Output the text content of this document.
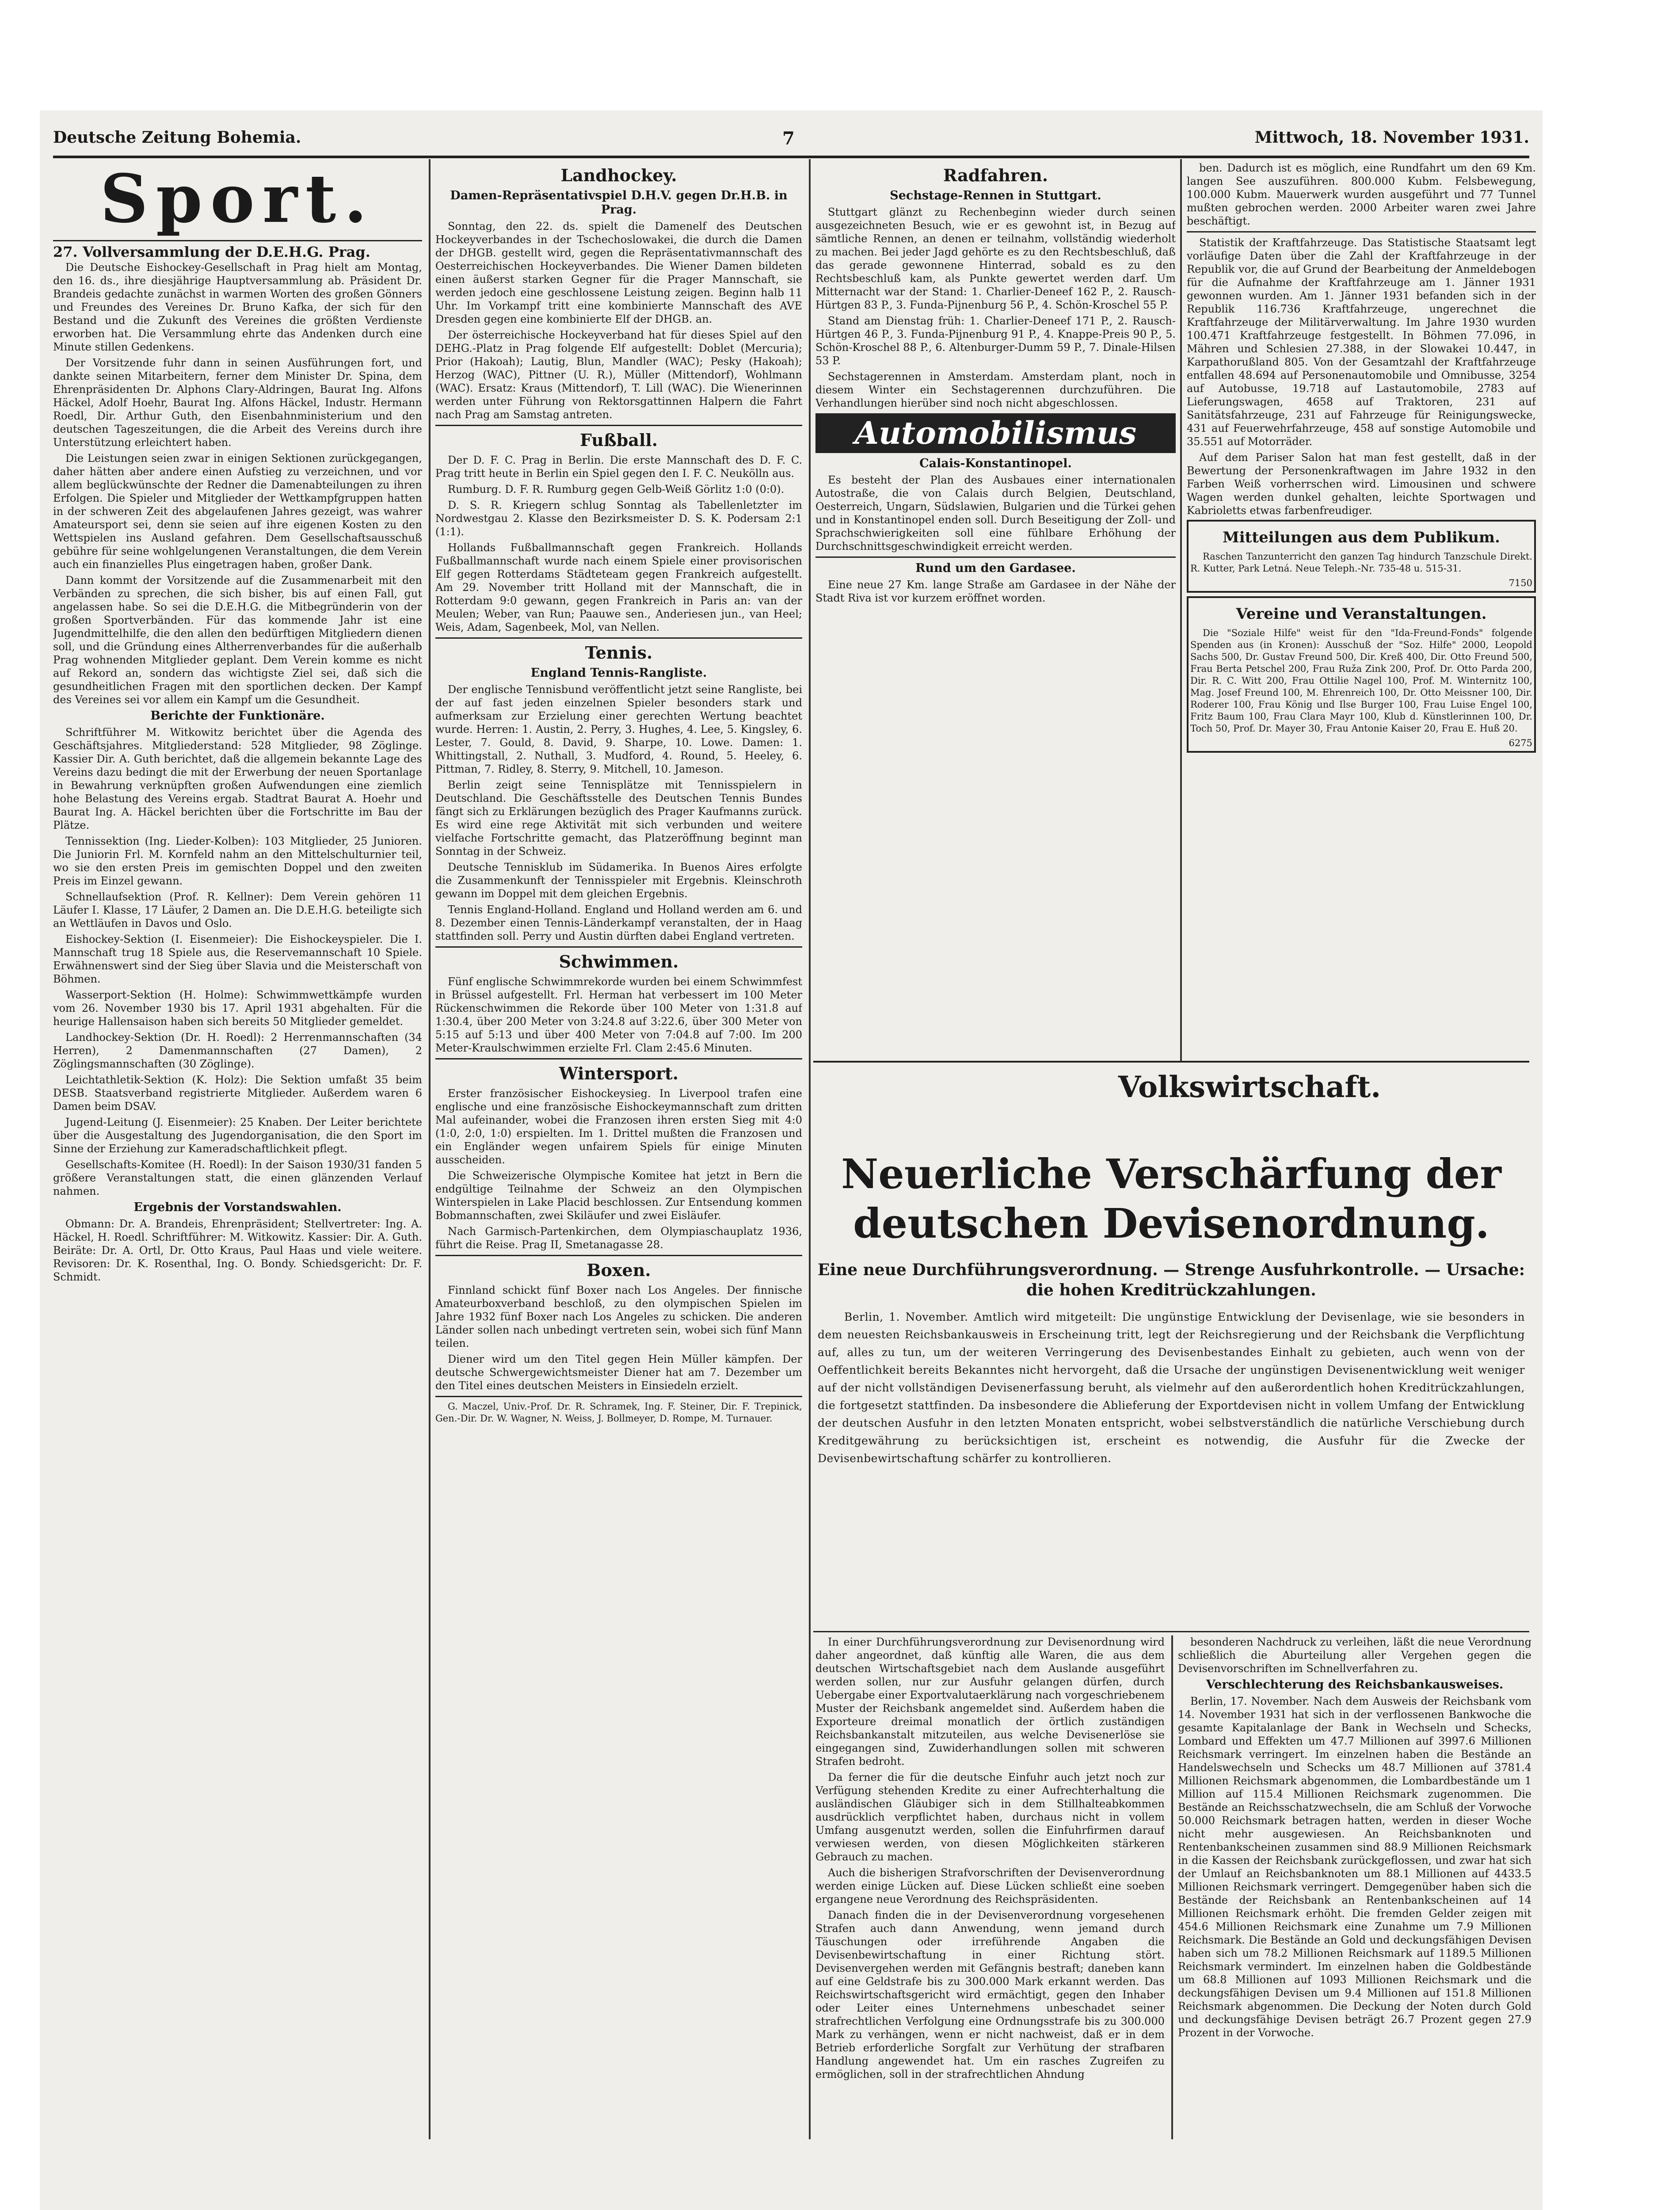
Deutsche Zeitung Bohemia.	7	Mittwoch, 18. November 1931.
Sport.
27. Vollversammlung der D.E.H.G. Prag.

Die Deutsche Eishockey-Gesellschaft in Prag hielt am Montag, den 16. ds., ihre diesjährige Hauptversammlung ab. Präsident Dr. Brandeis gedachte zunächst in warmen Worten des großen Gönners und Freundes des Vereines Dr. Bruno Kafka, der sich für den Bestand und die Zukunft des Vereines die größten Verdienste erworben hat. Die Versammlung ehrte das Andenken durch eine Minute stillen Gedenkens.

Der Vorsitzende fuhr dann in seinen Ausführungen fort, und dankte seinen Mitarbeitern, ferner dem Minister Dr. Spina, dem Ehrenpräsidenten Dr. Alphons Clary-Aldringen, Baurat Ing. Alfons Häckel, Adolf Hoehr, Baurat Ing. Alfons Häckel, Industr. Hermann Roedl, Dir. Arthur Guth, den Eisenbahnministerium und den deutschen Tageszeitungen, die die Arbeit des Vereins durch ihre Unterstützung erleichtert haben.

Die Leistungen seien zwar in einigen Sektionen zurückgegangen, daher hätten aber andere einen Aufstieg zu verzeichnen, und vor allem beglückwünschte der Redner die Damenabteilungen zu ihren Erfolgen. Die Spieler und Mitglieder der Wettkampfgruppen hatten in der schweren Zeit des abgelaufenen Jahres gezeigt, was wahrer Amateursport sei, denn sie seien auf ihre eigenen Kosten zu den Wettspielen ins Ausland gefahren. Dem Gesellschaftsausschuß gebühre für seine wohlgelungenen Veranstaltungen, die dem Verein auch ein finanzielles Plus eingetragen haben, großer Dank.

Dann kommt der Vorsitzende auf die Zusammenarbeit mit den Verbänden zu sprechen, die sich bisher, bis auf einen Fall, gut angelassen habe. So sei die D.E.H.G. die Mitbegründerin von der großen Sportverbänden. Für das kommende Jahr ist eine Jugendmittelhilfe, die den allen den bedürftigen Mitgliedern dienen soll, und die Gründung eines Altherrenverbandes für die außerhalb Prag wohnenden Mitglieder geplant. Dem Verein komme es nicht auf Rekord an, sondern das wichtigste Ziel sei, daß sich die gesundheitlichen Fragen mit den sportlichen decken. Der Kampf des Vereines sei vor allem ein Kampf um die Gesundheit.

Berichte der Funktionäre.

Schriftführer M. Witkowitz berichtet über die Agenda des Geschäftsjahres. Mitgliederstand: 528 Mitglieder, 98 Zöglinge. Kassier Dir. A. Guth berichtet, daß die allgemein bekannte Lage des Vereins dazu bedingt die mit der Erwerbung der neuen Sportanlage in Bewahrung verknüpften großen Aufwendungen eine ziemlich hohe Belastung des Vereins ergab. Stadtrat Baurat A. Hoehr und Baurat Ing. A. Häckel berichten über die Fortschritte im Bau der Plätze.

Tennissektion (Ing. Lieder-Kolben): 103 Mitglieder, 25 Junioren. Die Juniorin Frl. M. Kornfeld nahm an den Mittelschulturnier teil, wo sie den ersten Preis im gemischten Doppel und den zweiten Preis im Einzel gewann.

Schnellaufsektion (Prof. R. Kellner): Dem Verein gehören 11 Läufer I. Klasse, 17 Läufer, 2 Damen an. Die D.E.H.G. beteiligte sich an Wettläufen in Davos und Oslo.

Eishockey-Sektion (I. Eisenmeier): Die Eishockeyspieler. Die I. Mannschaft trug 18 Spiele aus, die Reservemannschaft 10 Spiele. Erwähnenswert sind der Sieg über Slavia und die Meisterschaft von Böhmen.

Wasserport-Sektion (H. Holme): Schwimmwettkämpfe wurden vom 26. November 1930 bis 17. April 1931 abgehalten. Für die heurige Hallensaison haben sich bereits 50 Mitglieder gemeldet.

Landhockey-Sektion (Dr. H. Roedl): 2 Herrenmannschaften (34 Herren), 2 Damenmannschaften (27 Damen), 2 Zöglingsmannschaften (30 Zöglinge).

Leichtathletik-Sektion (K. Holz): Die Sektion umfaßt 35 beim DESB. Staatsverband registrierte Mitglieder. Außerdem waren 6 Damen beim DSAV.

Jugend-Leitung (J. Eisenmeier): 25 Knaben. Der Leiter berichtete über die Ausgestaltung des Jugendorganisation, die den Sport im Sinne der Erziehung zur Kameradschaftlichkeit pflegt.

Gesellschafts-Komitee (H. Roedl): In der Saison 1930/31 fanden 5 größere Veranstaltungen statt, die einen glänzenden Verlauf nahmen.

Ergebnis der Vorstandswahlen.

Obmann: Dr. A. Brandeis, Ehrenpräsident; Stellvertreter: Ing. A. Häckel, H. Roedl. Schriftführer: M. Witkowitz. Kassier: Dir. A. Guth. Beiräte: Dr. A. Ortl, Dr. Otto Kraus, Paul Haas und viele weitere. Revisoren: Dr. K. Rosenthal, Ing. O. Bondy. Schiedsgericht: Dr. F. Schmidt.

Landhockey.
Damen-Repräsentativspiel D.H.V. gegen Dr.H.B. in Prag.

Sonntag, den 22. ds. spielt die Damenelf des Deutschen Hockeyverbandes in der Tschechoslowakei, die durch die Damen der DHGB. gestellt wird, gegen die Repräsentativmannschaft des Oesterreichischen Hockeyverbandes. Die Wiener Damen bildeten einen äußerst starken Gegner für die Prager Mannschaft, sie werden jedoch eine geschlossene Leistung zeigen. Beginn halb 11 Uhr. Im Vorkampf tritt eine kombinierte Mannschaft des AVE Dresden gegen eine kombinierte Elf der DHGB. an.

Der österreichische Hockeyverband hat für dieses Spiel auf den DEHG.-Platz in Prag folgende Elf aufgestellt: Doblet (Mercuria); Prior (Hakoah); Lautig, Blun, Mandler (WAC); Pesky (Hakoah); Herzog (WAC), Pittner (U. R.), Müller (Mittendorf), Wohlmann (WAC). Ersatz: Kraus (Mittendorf), T. Lill (WAC). Die Wienerinnen werden unter Führung von Rektorsgattinnen Halpern die Fahrt nach Prag am Samstag antreten.

Fußball.

Der D. F. C. Prag in Berlin. Die erste Mannschaft des D. F. C. Prag tritt heute in Berlin ein Spiel gegen den I. F. C. Neukölln aus.

Rumburg. D. F. R. Rumburg gegen Gelb-Weiß Görlitz 1:0 (0:0).

D. S. R. Kriegern schlug Sonntag als Tabellenletzter im Nordwestgau 2. Klasse den Bezirksmeister D. S. K. Podersam 2:1 (1:1).

Hollands Fußballmannschaft gegen Frankreich. Hollands Fußballmannschaft wurde nach einem Spiele einer provisorischen Elf gegen Rotterdams Städteteam gegen Frankreich aufgestellt. Am 29. November tritt Holland mit der Mannschaft, die in Rotterdam 9:0 gewann, gegen Frankreich in Paris an: van der Meulen; Weber, van Run; Paauwe sen., Anderiesen jun., van Heel; Weis, Adam, Sagenbeek, Mol, van Nellen.

Tennis.
England Tennis-Rangliste.

Der englische Tennisbund veröffentlicht jetzt seine Rangliste, bei der auf fast jeden einzelnen Spieler besonders stark und aufmerksam zur Erzielung einer gerechten Wertung beachtet wurde. Herren: 1. Austin, 2. Perry, 3. Hughes, 4. Lee, 5. Kingsley, 6. Lester, 7. Gould, 8. David, 9. Sharpe, 10. Lowe. Damen: 1. Whittingstall, 2. Nuthall, 3. Mudford, 4. Round, 5. Heeley, 6. Pittman, 7. Ridley, 8. Sterry, 9. Mitchell, 10. Jameson.

Berlin zeigt seine Tennisplätze mit Tennisspielern in Deutschland. Die Geschäftsstelle des Deutschen Tennis Bundes fängt sich zu Erklärungen bezüglich des Prager Kaufmanns zurück. Es wird eine rege Aktivität mit sich verbunden und weitere vielfache Fortschritte gemacht, das Platzeröffnung beginnt man Sonntag in der Schweiz.

Deutsche Tennisklub im Südamerika. In Buenos Aires erfolgte die Zusammenkunft der Tennisspieler mit Ergebnis. Kleinschroth gewann im Doppel mit dem gleichen Ergebnis.

Tennis England-Holland. England und Holland werden am 6. und 8. Dezember einen Tennis-Länderkampf veranstalten, der in Haag stattfinden soll. Perry und Austin dürften dabei England vertreten.

Schwimmen.

Fünf englische Schwimmrekorde wurden bei einem Schwimmfest in Brüssel aufgestellt. Frl. Herman hat verbessert im 100 Meter Rückenschwimmen die Rekorde über 100 Meter von 1:31.8 auf 1:30.4, über 200 Meter von 3:24.8 auf 3:22.6, über 300 Meter von 5:15 auf 5:13 und über 400 Meter von 7:04.8 auf 7:00. Im 200 Meter-Kraulschwimmen erzielte Frl. Clam 2:45.6 Minuten.

Wintersport.

Erster französischer Eishockeysieg. In Liverpool trafen eine englische und eine französische Eishockeymannschaft zum dritten Mal aufeinander, wobei die Franzosen ihren ersten Sieg mit 4:0 (1:0, 2:0, 1:0) erspielten. Im 1. Drittel mußten die Franzosen und ein Engländer wegen unfairem Spiels für einige Minuten ausscheiden.

Die Schweizerische Olympische Komitee hat jetzt in Bern die endgültige Teilnahme der Schweiz an den Olympischen Winterspielen in Lake Placid beschlossen. Zur Entsendung kommen Bobmannschaften, zwei Skiläufer und zwei Eisläufer.

Nach Garmisch-Partenkirchen, dem Olympiaschauplatz 1936, führt die Reise. Prag II, Smetanagasse 28.

Boxen.

Finnland schickt fünf Boxer nach Los Angeles. Der finnische Amateurboxverband beschloß, zu den olympischen Spielen im Jahre 1932 fünf Boxer nach Los Angeles zu schicken. Die anderen Länder sollen nach unbedingt vertreten sein, wobei sich fünf Mann teilen.

Diener wird um den Titel gegen Hein Müller kämpfen. Der deutsche Schwergewichtsmeister Diener hat am 7. Dezember um den Titel eines deutschen Meisters in Einsiedeln erzielt.

G. Maczel, Univ.-Prof. Dr. R. Schramek, Ing. F. Steiner, Dir. F. Trepinick, Gen.-Dir. Dr. W. Wagner, N. Weiss, J. Bollmeyer, D. Rompe, M. Turnauer.

Radfahren.
Sechstage-Rennen in Stuttgart.

Stuttgart glänzt zu Rechenbeginn wieder durch seinen ausgezeichneten Besuch, wie er es gewohnt ist, in Bezug auf sämtliche Rennen, an denen er teilnahm, vollständig wiederholt zu machen. Bei jeder Jagd gehörte es zu den Rechtsbeschluß, daß das gerade gewonnene Hinterrad, sobald es zu den Rechtsbeschluß kam, als Punkte gewertet werden darf. Um Mitternacht war der Stand: 1. Charlier-Deneef 162 P., 2. Rausch-Hürtgen 83 P., 3. Funda-Pijnenburg 56 P., 4. Schön-Kroschel 55 P.

Stand am Dienstag früh: 1. Charlier-Deneef 171 P., 2. Rausch-Hürtgen 46 P., 3. Funda-Pijnenburg 91 P., 4. Knappe-Preis 90 P., 5. Schön-Kroschel 88 P., 6. Altenburger-Dumm 59 P., 7. Dinale-Hilsen 53 P.

Sechstagerennen in Amsterdam. Amsterdam plant, noch in diesem Winter ein Sechstagerennen durchzuführen. Die Verhandlungen hierüber sind noch nicht abgeschlossen.

Automobilismus
Calais-Konstantinopel.

Es besteht der Plan des Ausbaues einer internationalen Autostraße, die von Calais durch Belgien, Deutschland, Oesterreich, Ungarn, Südslawien, Bulgarien und die Türkei gehen und in Konstantinopel enden soll. Durch Beseitigung der Zoll- und Sprachschwierigkeiten soll eine fühlbare Erhöhung der Durchschnittsgeschwindigkeit erreicht werden.

Rund um den Gardasee.

Eine neue 27 Km. lange Straße am Gardasee in der Nähe der Stadt Riva ist vor kurzem eröffnet worden.

ben. Dadurch ist es möglich, eine Rundfahrt um den 69 Km. langen See auszuführen. 800.000 Kubm. Felsbewegung, 100.000 Kubm. Mauerwerk wurden ausgeführt und 77 Tunnel mußten gebrochen werden. 2000 Arbeiter waren zwei Jahre beschäftigt.

Statistik der Kraftfahrzeuge. Das Statistische Staatsamt legt vorläufige Daten über die Zahl der Kraftfahrzeuge in der Republik vor, die auf Grund der Bearbeitung der Anmeldebogen für die Aufnahme der Kraftfahrzeuge am 1. Jänner 1931 gewonnen wurden. Am 1. Jänner 1931 befanden sich in der Republik 116.736 Kraftfahrzeuge, ungerechnet die Kraftfahrzeuge der Militärverwaltung. Im Jahre 1930 wurden 100.471 Kraftfahrzeuge festgestellt. In Böhmen 77.096, in Mähren und Schlesien 27.388, in der Slowakei 10.447, in Karpathorußland 805. Von der Gesamtzahl der Kraftfahrzeuge entfallen 48.694 auf Personenautomobile und Omnibusse, 3254 auf Autobusse, 19.718 auf Lastautomobile, 2783 auf Lieferungswagen, 4658 auf Traktoren, 231 auf Sanitätsfahrzeuge, 231 auf Fahrzeuge für Reinigungswecke, 431 auf Feuerwehrfahrzeuge, 458 auf sonstige Automobile und 35.551 auf Motorräder.

Auf dem Pariser Salon hat man fest gestellt, daß in der Bewertung der Personenkraftwagen im Jahre 1932 in den Farben Weiß vorherrschen wird. Limousinen und schwere Wagen werden dunkel gehalten, leichte Sportwagen und Kabrioletts etwas farbenfreudiger.

Mitteilungen aus dem Publikum.

Raschen Tanzunterricht den ganzen Tag hindurch Tanzschule Direkt. R. Kutter, Park Letná. Neue Teleph.-Nr. 735-48 u. 515-31.

7150
Vereine und Veranstaltungen.

Die "Soziale Hilfe" weist für den "Ida-Freund-Fonds" folgende Spenden aus (in Kronen): Ausschuß der "Soz. Hilfe" 2000, Leopold Sachs 500, Dr. Gustav Freund 500, Dir. Kreß 400, Dir. Otto Freund 500, Frau Berta Petschel 200, Frau Ruža Zink 200, Prof. Dr. Otto Parda 200, Dir. R. C. Witt 200, Frau Ottilie Nagel 100, Prof. M. Winternitz 100, Mag. Josef Freund 100, M. Ehrenreich 100, Dr. Otto Meissner 100, Dir. Roderer 100, Frau König und Ilse Burger 100, Frau Luise Engel 100, Fritz Baum 100, Frau Clara Mayr 100, Klub d. Künstlerinnen 100, Dr. Toch 50, Prof. Dr. Mayer 30, Frau Antonie Kaiser 20, Frau E. Huß 20.

6275
Volkswirtschaft.
Neuerliche Verschärfung der deutschen Devisenordnung.
Eine neue Durchführungsverordnung. — Strenge Ausfuhrkontrolle. — Ursache: die hohen Kreditrückzahlungen.

Berlin, 1. November. Amtlich wird mitgeteilt: Die ungünstige Entwicklung der Devisenlage, wie sie besonders in dem neuesten Reichsbankausweis in Erscheinung tritt, legt der Reichsregierung und der Reichsbank die Verpflichtung auf, alles zu tun, um der weiteren Verringerung des Devisenbestandes Einhalt zu gebieten, auch wenn von der Oeffentlichkeit bereits Bekanntes nicht hervorgeht, daß die Ursache der ungünstigen Devisenentwicklung weit weniger auf der nicht vollständigen Devisenerfassung beruht, als vielmehr auf den außerordentlich hohen Kreditrückzahlungen, die fortgesetzt stattfinden. Da insbesondere die Ablieferung der Exportdevisen nicht in vollem Umfang der Entwicklung der deutschen Ausfuhr in den letzten Monaten entspricht, wobei selbstverständlich die natürliche Verschiebung durch Kreditgewährung zu berücksichtigen ist, erscheint es notwendig, die Ausfuhr für die Zwecke der Devisenbewirtschaftung schärfer zu kontrollieren.

In einer Durchführungsverordnung zur Devisenordnung wird daher angeordnet, daß künftig alle Waren, die aus dem deutschen Wirtschaftsgebiet nach dem Auslande ausgeführt werden sollen, nur zur Ausfuhr gelangen dürfen, durch Uebergabe einer Exportvalutaerklärung nach vorgeschriebenem Muster der Reichsbank angemeldet sind. Außerdem haben die Exporteure dreimal monatlich der örtlich zuständigen Reichsbankanstalt mitzuteilen, aus welche Devisenerlöse sie eingegangen sind, Zuwiderhandlungen sollen mit schweren Strafen bedroht.

Da ferner die für die deutsche Einfuhr auch jetzt noch zur Verfügung stehenden Kredite zu einer Aufrechterhaltung die ausländischen Gläubiger sich in dem Stillhalteabkommen ausdrücklich verpflichtet haben, durchaus nicht in vollem Umfang ausgenutzt werden, sollen die Einfuhrfirmen darauf verwiesen werden, von diesen Möglichkeiten stärkeren Gebrauch zu machen.

Auch die bisherigen Strafvorschriften der Devisenverordnung werden einige Lücken auf. Diese Lücken schließt eine soeben ergangene neue Verordnung des Reichspräsidenten.

Danach finden die in der Devisenverordnung vorgesehenen Strafen auch dann Anwendung, wenn jemand durch Täuschungen oder irreführende Angaben die Devisenbewirtschaftung in einer Richtung stört. Devisenvergehen werden mit Gefängnis bestraft; daneben kann auf eine Geldstrafe bis zu 300.000 Mark erkannt werden. Das Reichswirtschaftsgericht wird ermächtigt, gegen den Inhaber oder Leiter eines Unternehmens unbeschadet seiner strafrechtlichen Verfolgung eine Ordnungsstrafe bis zu 300.000 Mark zu verhängen, wenn er nicht nachweist, daß er in dem Betrieb erforderliche Sorgfalt zur Verhütung der strafbaren Handlung angewendet hat. Um ein rasches Zugreifen zu ermöglichen, soll in der strafrechtlichen Ahndung

besonderen Nachdruck zu verleihen, läßt die neue Verordnung schließlich die Aburteilung aller Vergehen gegen die Devisenvorschriften im Schnellverfahren zu.

Verschlechterung des Reichsbankausweises.

Berlin, 17. November. Nach dem Ausweis der Reichsbank vom 14. November 1931 hat sich in der verflossenen Bankwoche die gesamte Kapitalanlage der Bank in Wechseln und Schecks, Lombard und Effekten um 47.7 Millionen auf 3997.6 Millionen Reichsmark verringert. Im einzelnen haben die Bestände an Handelswechseln und Schecks um 48.7 Millionen auf 3781.4 Millionen Reichsmark abgenommen, die Lombardbestände um 1 Million auf 115.4 Millionen Reichsmark zugenommen. Die Bestände an Reichsschatzwechseln, die am Schluß der Vorwoche 50.000 Reichsmark betragen hatten, werden in dieser Woche nicht mehr ausgewiesen. An Reichsbanknoten und Rentenbankscheinen zusammen sind 88.9 Millionen Reichsmark in die Kassen der Reichsbank zurückgeflossen, und zwar hat sich der Umlauf an Reichsbanknoten um 88.1 Millionen auf 4433.5 Millionen Reichsmark verringert. Demgegenüber haben sich die Bestände der Reichsbank an Rentenbankscheinen auf 14 Millionen Reichsmark erhöht. Die fremden Gelder zeigen mit 454.6 Millionen Reichsmark eine Zunahme um 7.9 Millionen Reichsmark. Die Bestände an Gold und deckungsfähigen Devisen haben sich um 78.2 Millionen Reichsmark auf 1189.5 Millionen Reichsmark vermindert. Im einzelnen haben die Goldbestände um 68.8 Millionen auf 1093 Millionen Reichsmark und die deckungsfähigen Devisen um 9.4 Millionen auf 151.8 Millionen Reichsmark abgenommen. Die Deckung der Noten durch Gold und deckungsfähige Devisen beträgt 26.7 Prozent gegen 27.9 Prozent in der Vorwoche.
